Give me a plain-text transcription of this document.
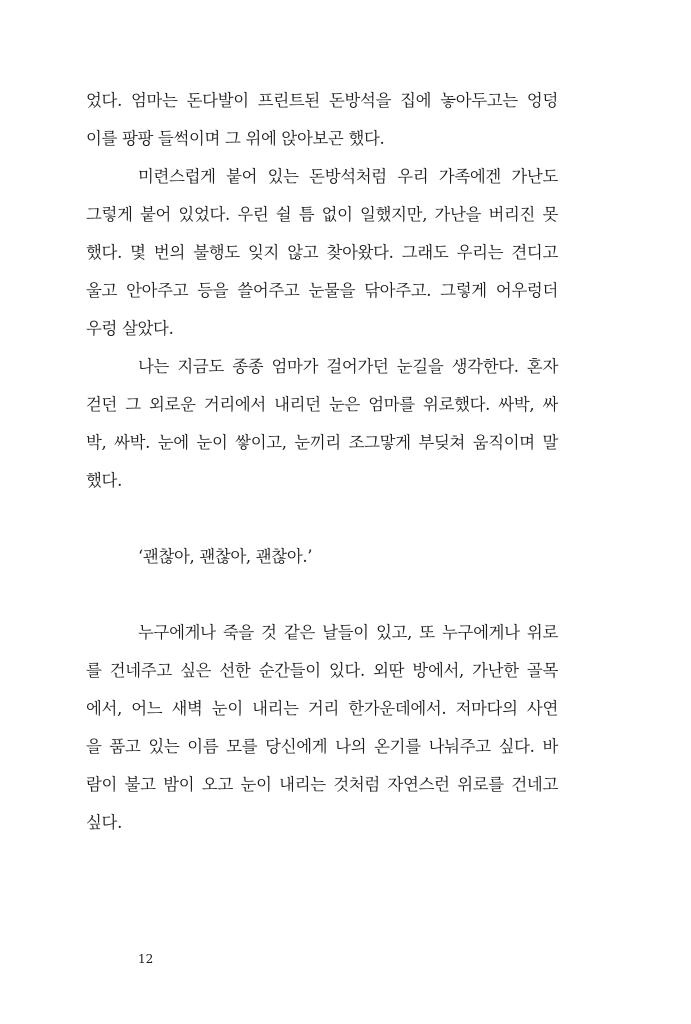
었다. 엄마는 돈다발이 프린트된 돈방석을 집에 놓아두고는 엉덩
이를 팡팡 들썩이며 그 위에 앉아보곤 했다.
미련스럽게 붙어 있는 돈방석처럼 우리 가족에겐 가난도
그렇게 붙어 있었다. 우린 쉴 틈 없이 일했지만, 가난을 버리진 못
했다. 몇 번의 불행도 잊지 않고 찾아왔다. 그래도 우리는 견디고
울고 안아주고 등을 쓸어주고 눈물을 닦아주고. 그렇게 어우렁더
우렁 살았다.
나는 지금도 종종 엄마가 걸어가던 눈길을 생각한다. 혼자
걷던 그 외로운 거리에서 내리던 눈은 엄마를 위로했다. 싸박, 싸
박, 싸박. 눈에 눈이 쌓이고, 눈끼리 조그맣게 부딪쳐 움직이며 말
했다.
‘괜찮아, 괜찮아, 괜찮아.’
누구에게나 죽을 것 같은 날들이 있고, 또 누구에게나 위로
를 건네주고 싶은 선한 순간들이 있다. 외딴 방에서, 가난한 골목
에서, 어느 새벽 눈이 내리는 거리 한가운데에서. 저마다의 사연
을 품고 있는 이름 모를 당신에게 나의 온기를 나눠주고 싶다. 바
람이 불고 밤이 오고 눈이 내리는 것처럼 자연스런 위로를 건네고
싶다.
12
